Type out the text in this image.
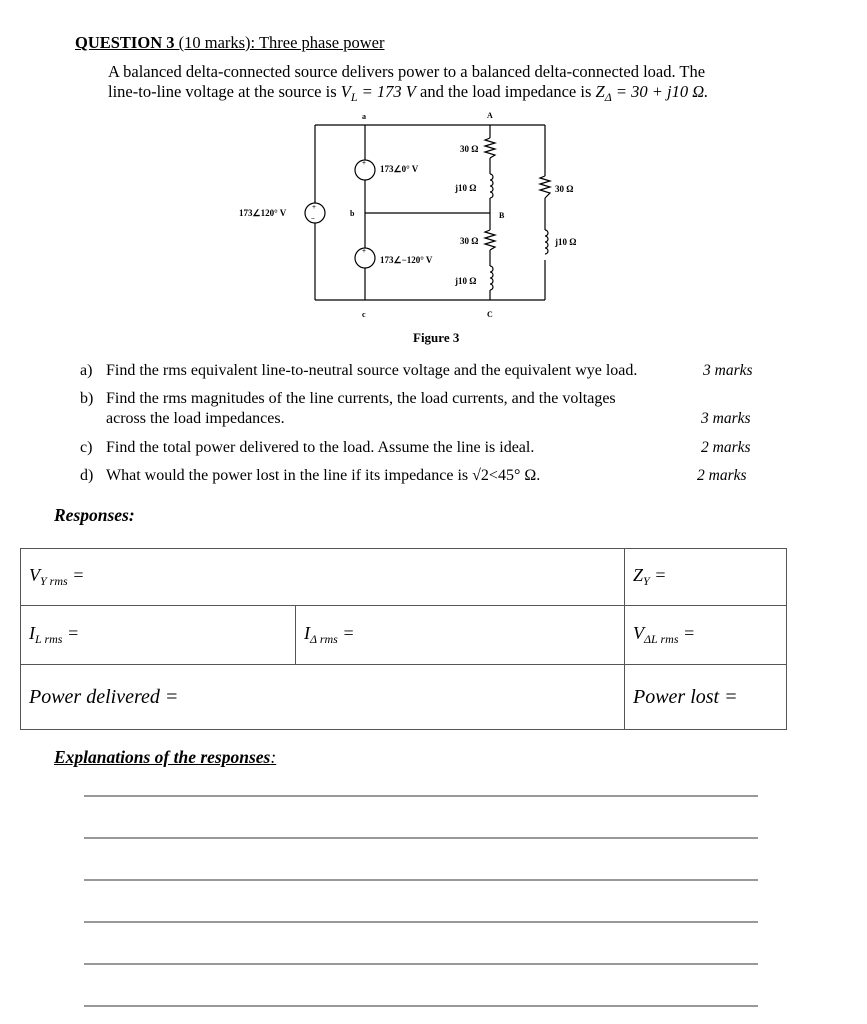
QUESTION 3 (10 marks): Three phase power
A balanced delta-connected source delivers power to a balanced delta-connected load. The
line-to-line voltage at the source is $V_L = 173$ V and the load impedance is $Z_\Delta = 30 + j10$ Ω.
+
+
+
−
a	A
b	B
c	C
173∠0° V
173∠−120° V
173∠120° V
30 Ω
j10 Ω	30 Ω
j10 Ω
30 Ω
j10 Ω
Figure 3
a) Find the rms equivalent line-to-neutral source voltage and the equivalent wye load.	3 marks
b) Find the rms magnitudes of the line currents, the load currents, and the voltages
across the load impedances.	3 marks
c) Find the total power delivered to the load. Assume the line is ideal.	2 marks
d) What would the power lost in the line if its impedance is √2<45° Ω.	2 marks
Responses:
$V_{Y rms}$ =		$Z_Y$ =
$I_{L rms}$ =	$I_{\Delta rms}$ =	$V_{\Delta L rms}$ =
Power delivered =		Power lost =
Explanations of the responses:
